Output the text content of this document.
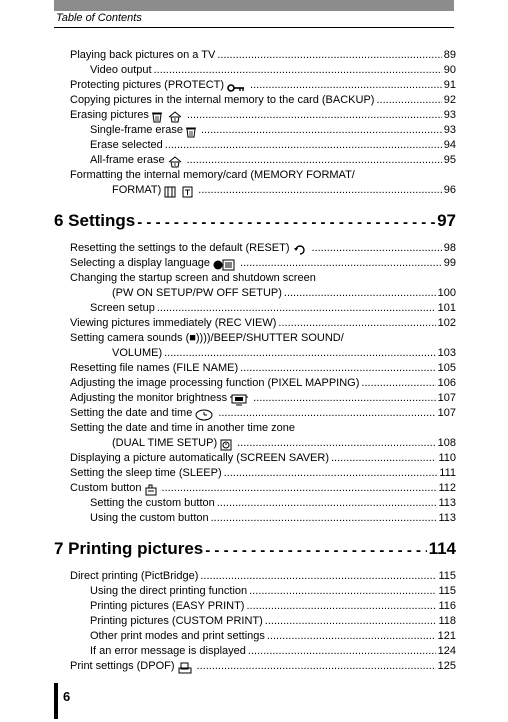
Table of Contents
Playing back pictures on a TV .....	89
Video output .....	90
Protecting pictures (PROTECT) .....	91
Copying pictures in the internal memory to the card (BACKUP) .....	92
Erasing pictures .....	93
Single-frame erase .....	93
Erase selected .....	94
All-frame erase .....	95
Formatting the internal memory/card (MEMORY FORMAT/
FORMAT) .....	96
6 Settings - - -	97
Resetting the settings to the default (RESET) .....	98
Selecting a display language .....	99
Changing the startup screen and shutdown screen
(PW ON SETUP/PW OFF SETUP) .....	100
Screen setup .....	101
Viewing pictures immediately (REC VIEW) .....	102
Setting camera sounds (■))))/BEEP/SHUTTER SOUND/
VOLUME) .....	103
Resetting file names (FILE NAME) .....	105
Adjusting the image processing function (PIXEL MAPPING) .....	106
Adjusting the monitor brightness .....	107
Setting the date and time .....	107
Setting the date and time in another time zone
(DUAL TIME SETUP) .....	108
Displaying a picture automatically (SCREEN SAVER) .....	110
Setting the sleep time (SLEEP) .....	111
Custom button .....	112
Setting the custom button .....	113
Using the custom button .....	113
7 Printing pictures - - -	114
Direct printing (PictBridge) .....	115
Using the direct printing function .....	115
Printing pictures (EASY PRINT) .....	116
Printing pictures (CUSTOM PRINT) .....	118
Other print modes and print settings .....	121
If an error message is displayed .....	124
Print settings (DPOF) .....	125
6
